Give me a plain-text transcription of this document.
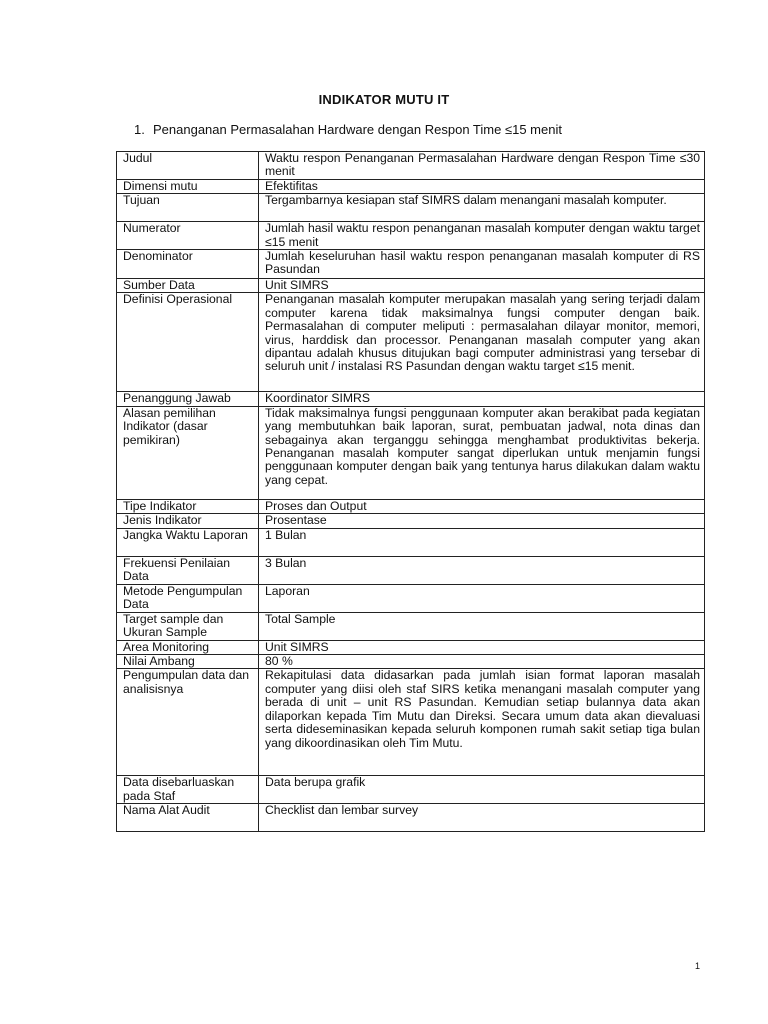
INDIKATOR MUTU IT
1. Penanganan Permasalahan Hardware dengan Respon Time ≤15 menit
Judul	Waktu respon Penanganan Permasalahan Hardware dengan Respon Time ≤30 menit
Dimensi mutu	Efektifitas
Tujuan	Tergambarnya kesiapan staf SIMRS dalam menangani masalah komputer.
Numerator	Jumlah hasil waktu respon penanganan masalah komputer dengan waktu target ≤15 menit
Denominator	Jumlah keseluruhan hasil waktu respon penanganan masalah komputer di RS Pasundan
Sumber Data	Unit SIMRS
Definisi Operasional	Penanganan masalah komputer merupakan masalah yang sering terjadi dalam computer karena tidak maksimalnya fungsi computer dengan baik. Permasalahan di computer meliputi : permasalahan dilayar monitor, memori, virus, harddisk dan processor. Penanganan masalah computer yang akan dipantau adalah khusus ditujukan bagi computer administrasi yang tersebar di seluruh unit / instalasi RS Pasundan dengan waktu target ≤15 menit.
Penanggung Jawab	Koordinator SIMRS
Alasan pemilihan Indikator (dasar pemikiran)	Tidak maksimalnya fungsi penggunaan komputer akan berakibat pada kegiatan yang membutuhkan baik laporan, surat, pembuatan jadwal, nota dinas dan sebagainya akan terganggu sehingga menghambat produktivitas bekerja. Penanganan masalah komputer sangat diperlukan untuk menjamin fungsi penggunaan komputer dengan baik yang tentunya harus dilakukan dalam waktu yang cepat.
Tipe Indikator	Proses dan Output
Jenis Indikator	Prosentase
Jangka Waktu Laporan	1 Bulan
Frekuensi Penilaian Data	3 Bulan
Metode Pengumpulan Data	Laporan
Target sample dan Ukuran Sample	Total Sample
Area Monitoring	Unit SIMRS
Nilai Ambang	80 %
Pengumpulan data dan analisisnya	Rekapitulasi data didasarkan pada jumlah isian format laporan masalah computer yang diisi oleh staf SIRS ketika menangani masalah computer yang berada di unit – unit RS Pasundan. Kemudian setiap bulannya data akan dilaporkan kepada Tim Mutu dan Direksi. Secara umum data akan dievaluasi serta dideseminasikan kepada seluruh komponen rumah sakit setiap tiga bulan yang dikoordinasikan oleh Tim Mutu.
Data disebarluaskan pada Staf	Data berupa grafik
Nama Alat Audit	Checklist dan lembar survey
1
